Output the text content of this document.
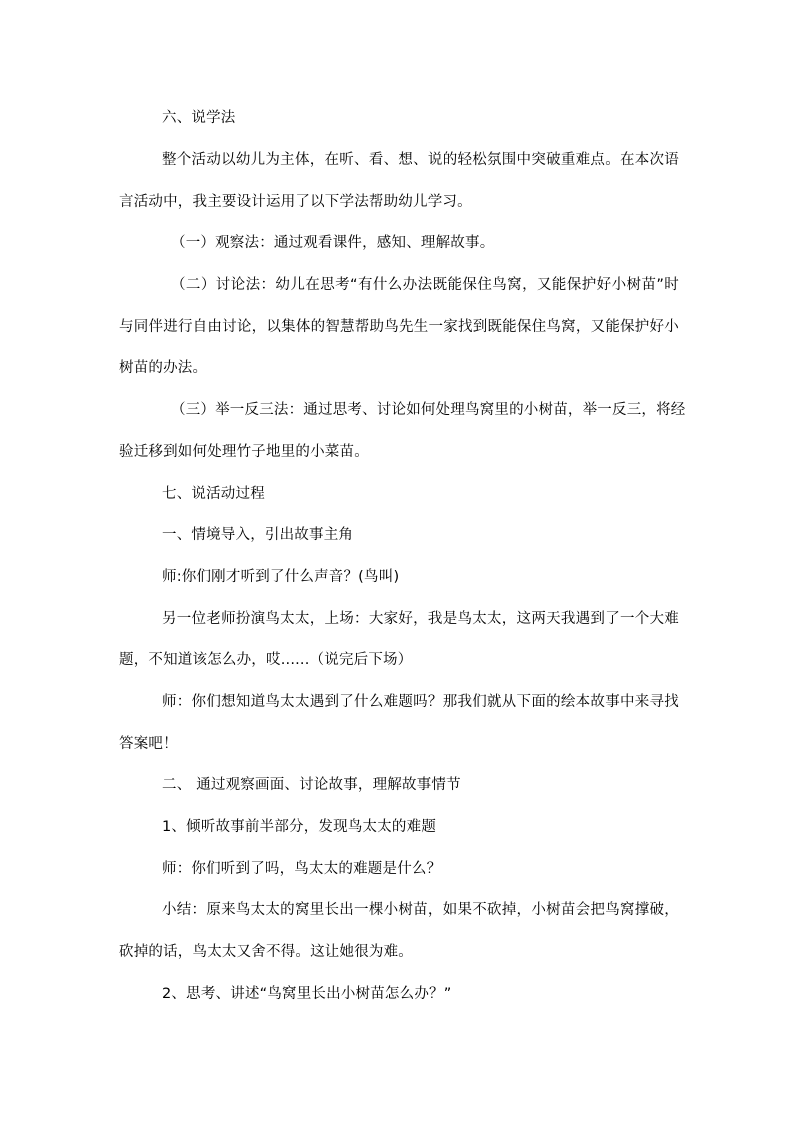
六、说学法
整个活动以幼儿为主体，在听、看、想、说的轻松氛围中突破重难点。在本次语
言活动中，我主要设计运用了以下学法帮助幼儿学习。
（一）观察法：通过观看课件，感知、理解故事。
（二）讨论法：幼儿在思考“有什么办法既能保住鸟窝，又能保护好小树苗”时
与同伴进行自由讨论，以集体的智慧帮助鸟先生一家找到既能保住鸟窝，又能保护好小
树苗的办法。
（三）举一反三法：通过思考、讨论如何处理鸟窝里的小树苗，举一反三，将经
验迁移到如何处理竹子地里的小菜苗。
七、说活动过程
一、情境导入，引出故事主角
师:你们刚才听到了什么声音？(鸟叫)
另一位老师扮演鸟太太，上场：大家好，我是鸟太太，这两天我遇到了一个大难
题，不知道该怎么办，哎......（说完后下场）
师：你们想知道鸟太太遇到了什么难题吗？那我们就从下面的绘本故事中来寻找
答案吧！
二、 通过观察画面、讨论故事，理解故事情节
1、倾听故事前半部分，发现鸟太太的难题
师：你们听到了吗，鸟太太的难题是什么？
小结：原来鸟太太的窝里长出一棵小树苗，如果不砍掉，小树苗会把鸟窝撑破，
砍掉的话，鸟太太又舍不得。这让她很为难。
2、思考、讲述“鸟窝里长出小树苗怎么办？”
